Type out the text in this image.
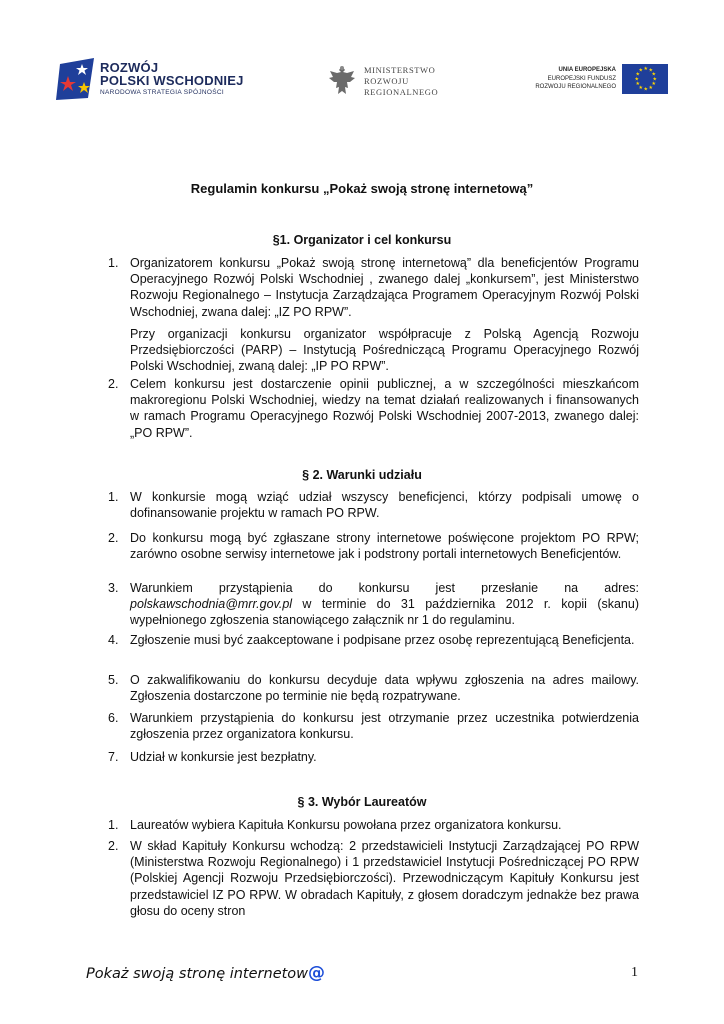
ROZWÓJ
POLSKI WSCHODNIEJ
NARODOWA STRATEGIA SPÓJNOŚCI
MINISTERSTWO
ROZWOJU
REGIONALNEGO
UNIA EUROPEJSKA
EUROPEJSKI FUNDUSZ
ROZWOJU REGIONALNEGO
★ ★
★
★
★
★
★
★
★
★
★
★
Regulamin konkursu „Pokaż swoją stronę internetową”
§1. Organizator i cel konkursu
1. Organizatorem konkursu „Pokaż swoją stronę internetową” dla beneficjentów Programu Operacyjnego Rozwój Polski Wschodniej , zwanego dalej „konkursem”, jest Ministerstwo Rozwoju Regionalnego – Instytucja Zarządzająca Programem Operacyjnym Rozwój Polski Wschodniej, zwana dalej: „IZ PO RPW”.

Przy organizacji konkursu organizator współpracuje z Polską Agencją Rozwoju Przedsiębiorczości (PARP) – Instytucją Pośredniczącą Programu Operacyjnego Rozwój Polski Wschodniej, zwaną dalej: „IP PO RPW”.

2. Celem konkursu jest dostarczenie opinii publicznej, a w szczególności mieszkańcom makroregionu Polski Wschodniej, wiedzy na temat działań realizowanych i finansowanych w ramach Programu Operacyjnego Rozwój Polski Wschodniej 2007-2013, zwanego dalej: „PO RPW”.

§ 2. Warunki udziału
1. W konkursie mogą wziąć udział wszyscy beneficjenci, którzy podpisali umowę o dofinansowanie projektu w ramach PO RPW.

2. Do konkursu mogą być zgłaszane strony internetowe poświęcone projektom PO RPW; zarówno osobne serwisy internetowe jak i podstrony portali internetowych Beneficjentów.

3. Warunkiem przystąpienia do konkursu jest przesłanie na adres: polskawschodnia@mrr.gov.pl w terminie do 31 października 2012 r. kopii (skanu) wypełnionego zgłoszenia stanowiącego załącznik nr 1 do regulaminu.

4. Zgłoszenie musi być zaakceptowane i podpisane przez osobę reprezentującą Beneficjenta.

5. O zakwalifikowaniu do konkursu decyduje data wpływu zgłoszenia na adres mailowy. Zgłoszenia dostarczone po terminie nie będą rozpatrywane.

6. Warunkiem przystąpienia do konkursu jest otrzymanie przez uczestnika potwierdzenia zgłoszenia przez organizatora konkursu.

7. Udział w konkursie jest bezpłatny.

§ 3. Wybór Laureatów
1. Laureatów wybiera Kapituła Konkursu powołana przez organizatora konkursu.

2. W skład Kapituły Konkursu wchodzą: 2 przedstawicieli Instytucji Zarządzającej PO RPW (Ministerstwa Rozwoju Regionalnego) i 1 przedstawiciel Instytucji Pośredniczącej PO RPW (Polskiej Agencji Rozwoju Przedsiębiorczości). Przewodniczącym Kapituły Konkursu jest przedstawiciel IZ PO RPW. W obradach Kapituły, z głosem doradczym jednakże bez prawa głosu do oceny stron

Pokaż swoją stronę internetow@	1
